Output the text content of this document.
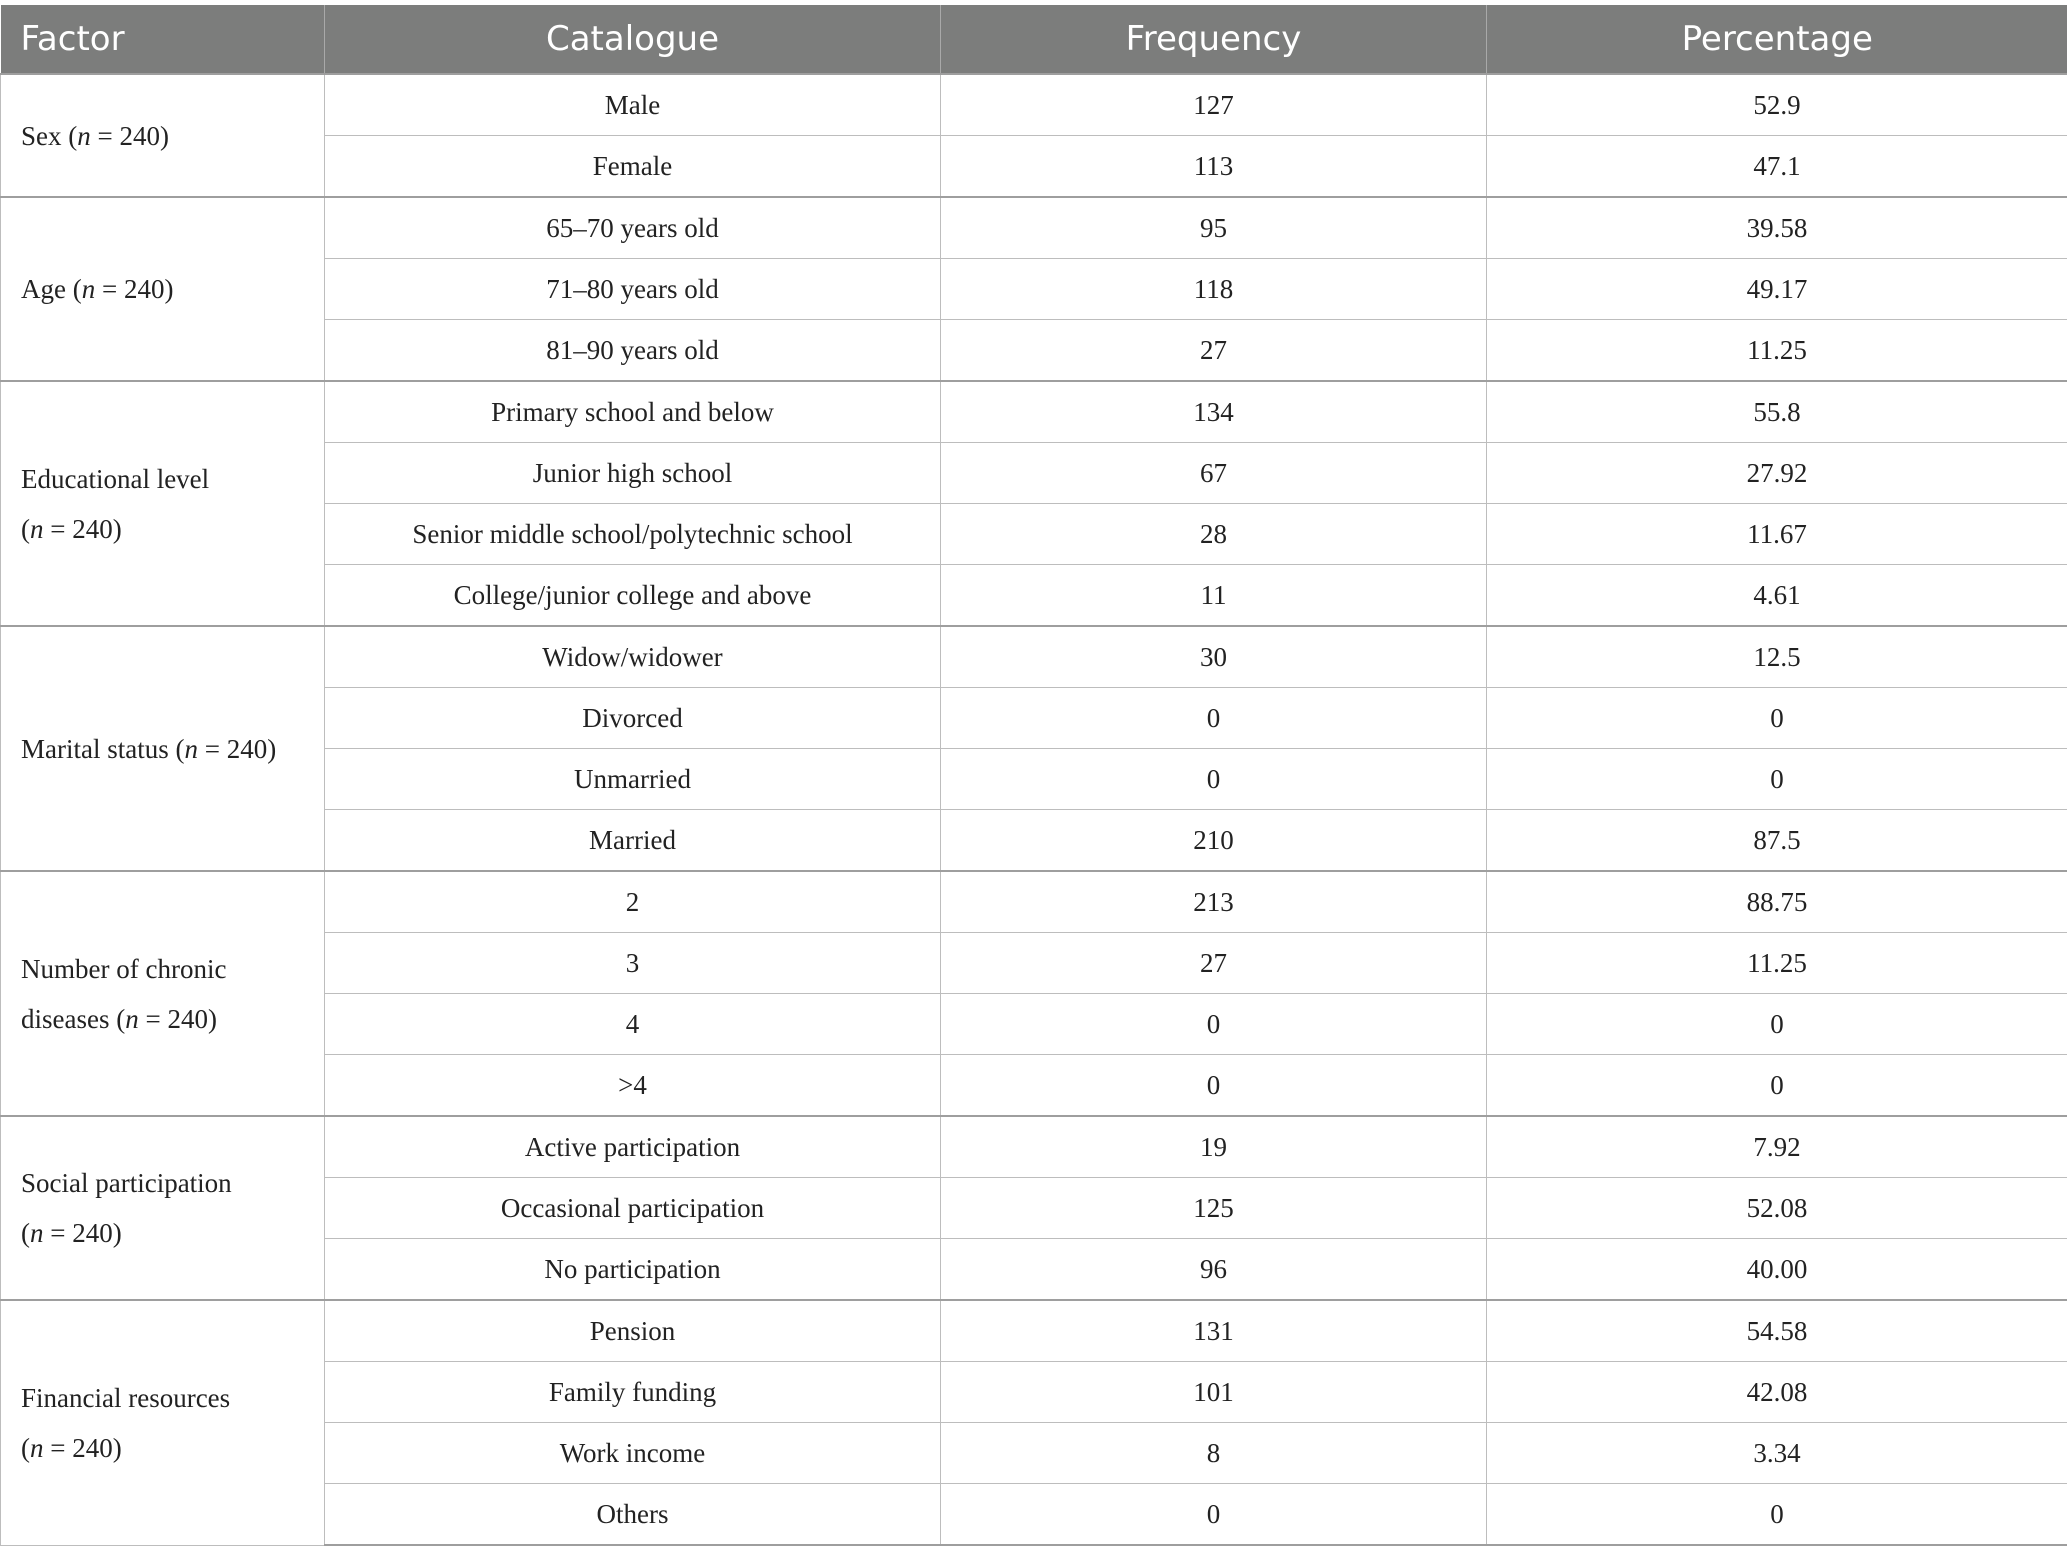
Factor	Catalogue	Frequency	Percentage
Sex (n = 240)	Male	127	52.9
	Female	113	47.1
Age (n = 240)	65–70 years old	95	39.58
	71–80 years old	118	49.17
	81–90 years old	27	11.25
Educational level
(n = 240)	Primary school and below	134	55.8
	Junior high school	67	27.92
	Senior middle school/polytechnic school	28	11.67
	College/junior college and above	11	4.61
Marital status (n = 240)	Widow/widower	30	12.5
	Divorced	0	0
	Unmarried	0	0
	Married	210	87.5
Number of chronic
diseases (n = 240)	2	213	88.75
	3	27	11.25
	4	0	0
	>4	0	0
Social participation
(n = 240)	Active participation	19	7.92
	Occasional participation	125	52.08
	No participation	96	40.00
Financial resources
(n = 240)	Pension	131	54.58
	Family funding	101	42.08
	Work income	8	3.34
	Others	0	0
